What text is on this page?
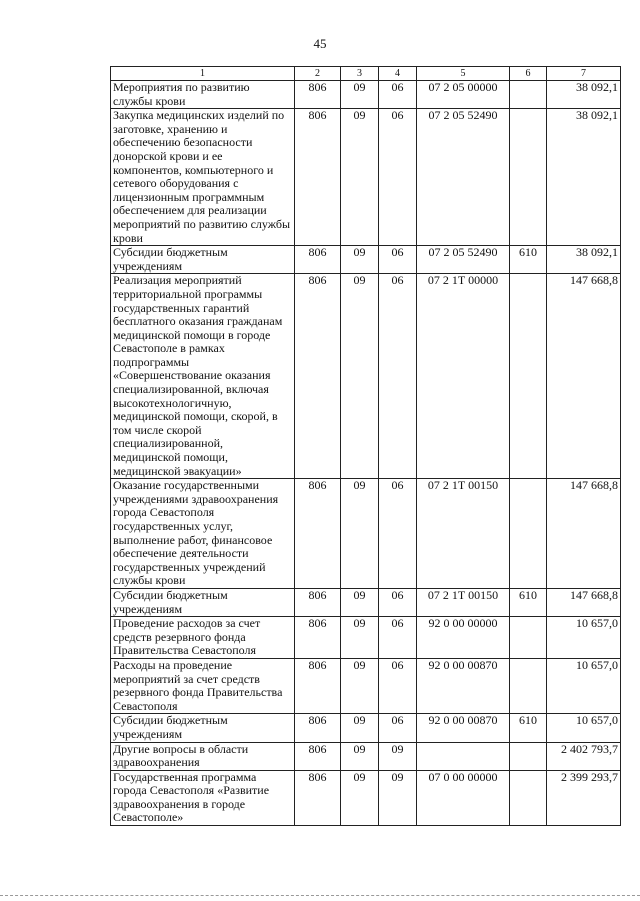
45
1	2	3	4	5	6	7
Мероприятия по развитию службы крови	806	09	06	07 2 05 00000		38 092,1
Закупка медицинских изделий по заготовке, хранению и обеспечению безопасности донорской крови и ее компонентов, компьютерного и сетевого оборудования с лицензионным программным обеспечением для реализации мероприятий по развитию службы крови	806	09	06	07 2 05 52490		38 092,1
Субсидии бюджетным учреждениям	806	09	06	07 2 05 52490	610	38 092,1
Реализация мероприятий территориальной программы государственных гарантий бесплатного оказания гражданам медицинской помощи в городе Севастополе в рамках подпрограммы «Совершенствование оказания специализированной, включая высокотехнологичную, медицинской помощи, скорой, в том числе скорой специализированной, медицинской помощи, медицинской эвакуации»	806	09	06	07 2 1Т 00000		147 668,8
Оказание государственными учреждениями здравоохранения города Севастополя государственных услуг, выполнение работ, финансовое обеспечение деятельности государственных учреждений службы крови	806	09	06	07 2 1Т 00150		147 668,8
Субсидии бюджетным учреждениям	806	09	06	07 2 1Т 00150	610	147 668,8
Проведение расходов за счет средств резервного фонда Правительства Севастополя	806	09	06	92 0 00 00000		10 657,0
Расходы на проведение мероприятий за счет средств резервного фонда Правительства Севастополя	806	09	06	92 0 00 00870		10 657,0
Субсидии бюджетным учреждениям	806	09	06	92 0 00 00870	610	10 657,0
Другие вопросы в области здравоохранения	806	09	09			2 402 793,7
Государственная программа города Севастополя «Развитие здравоохранения в городе Севастополе»	806	09	09	07 0 00 00000		2 399 293,7
